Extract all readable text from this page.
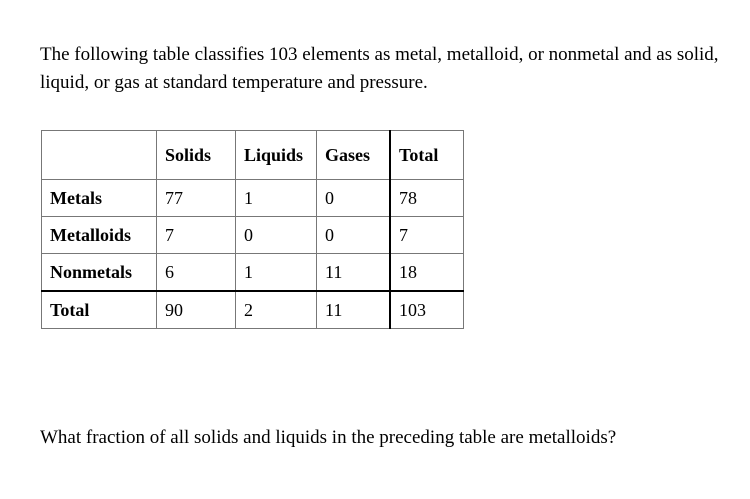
The following table classifies 103 elements as metal, metalloid, or nonmetal and as solid, liquid, or gas at standard temperature and pressure.

	Solids	Liquids	Gases	Total
Metals	77	1	0	78
Metalloids	7	0	0	7
Nonmetals	6	1	11	18
Total	90	2	11	103

What fraction of all solids and liquids in the preceding table are metalloids?
